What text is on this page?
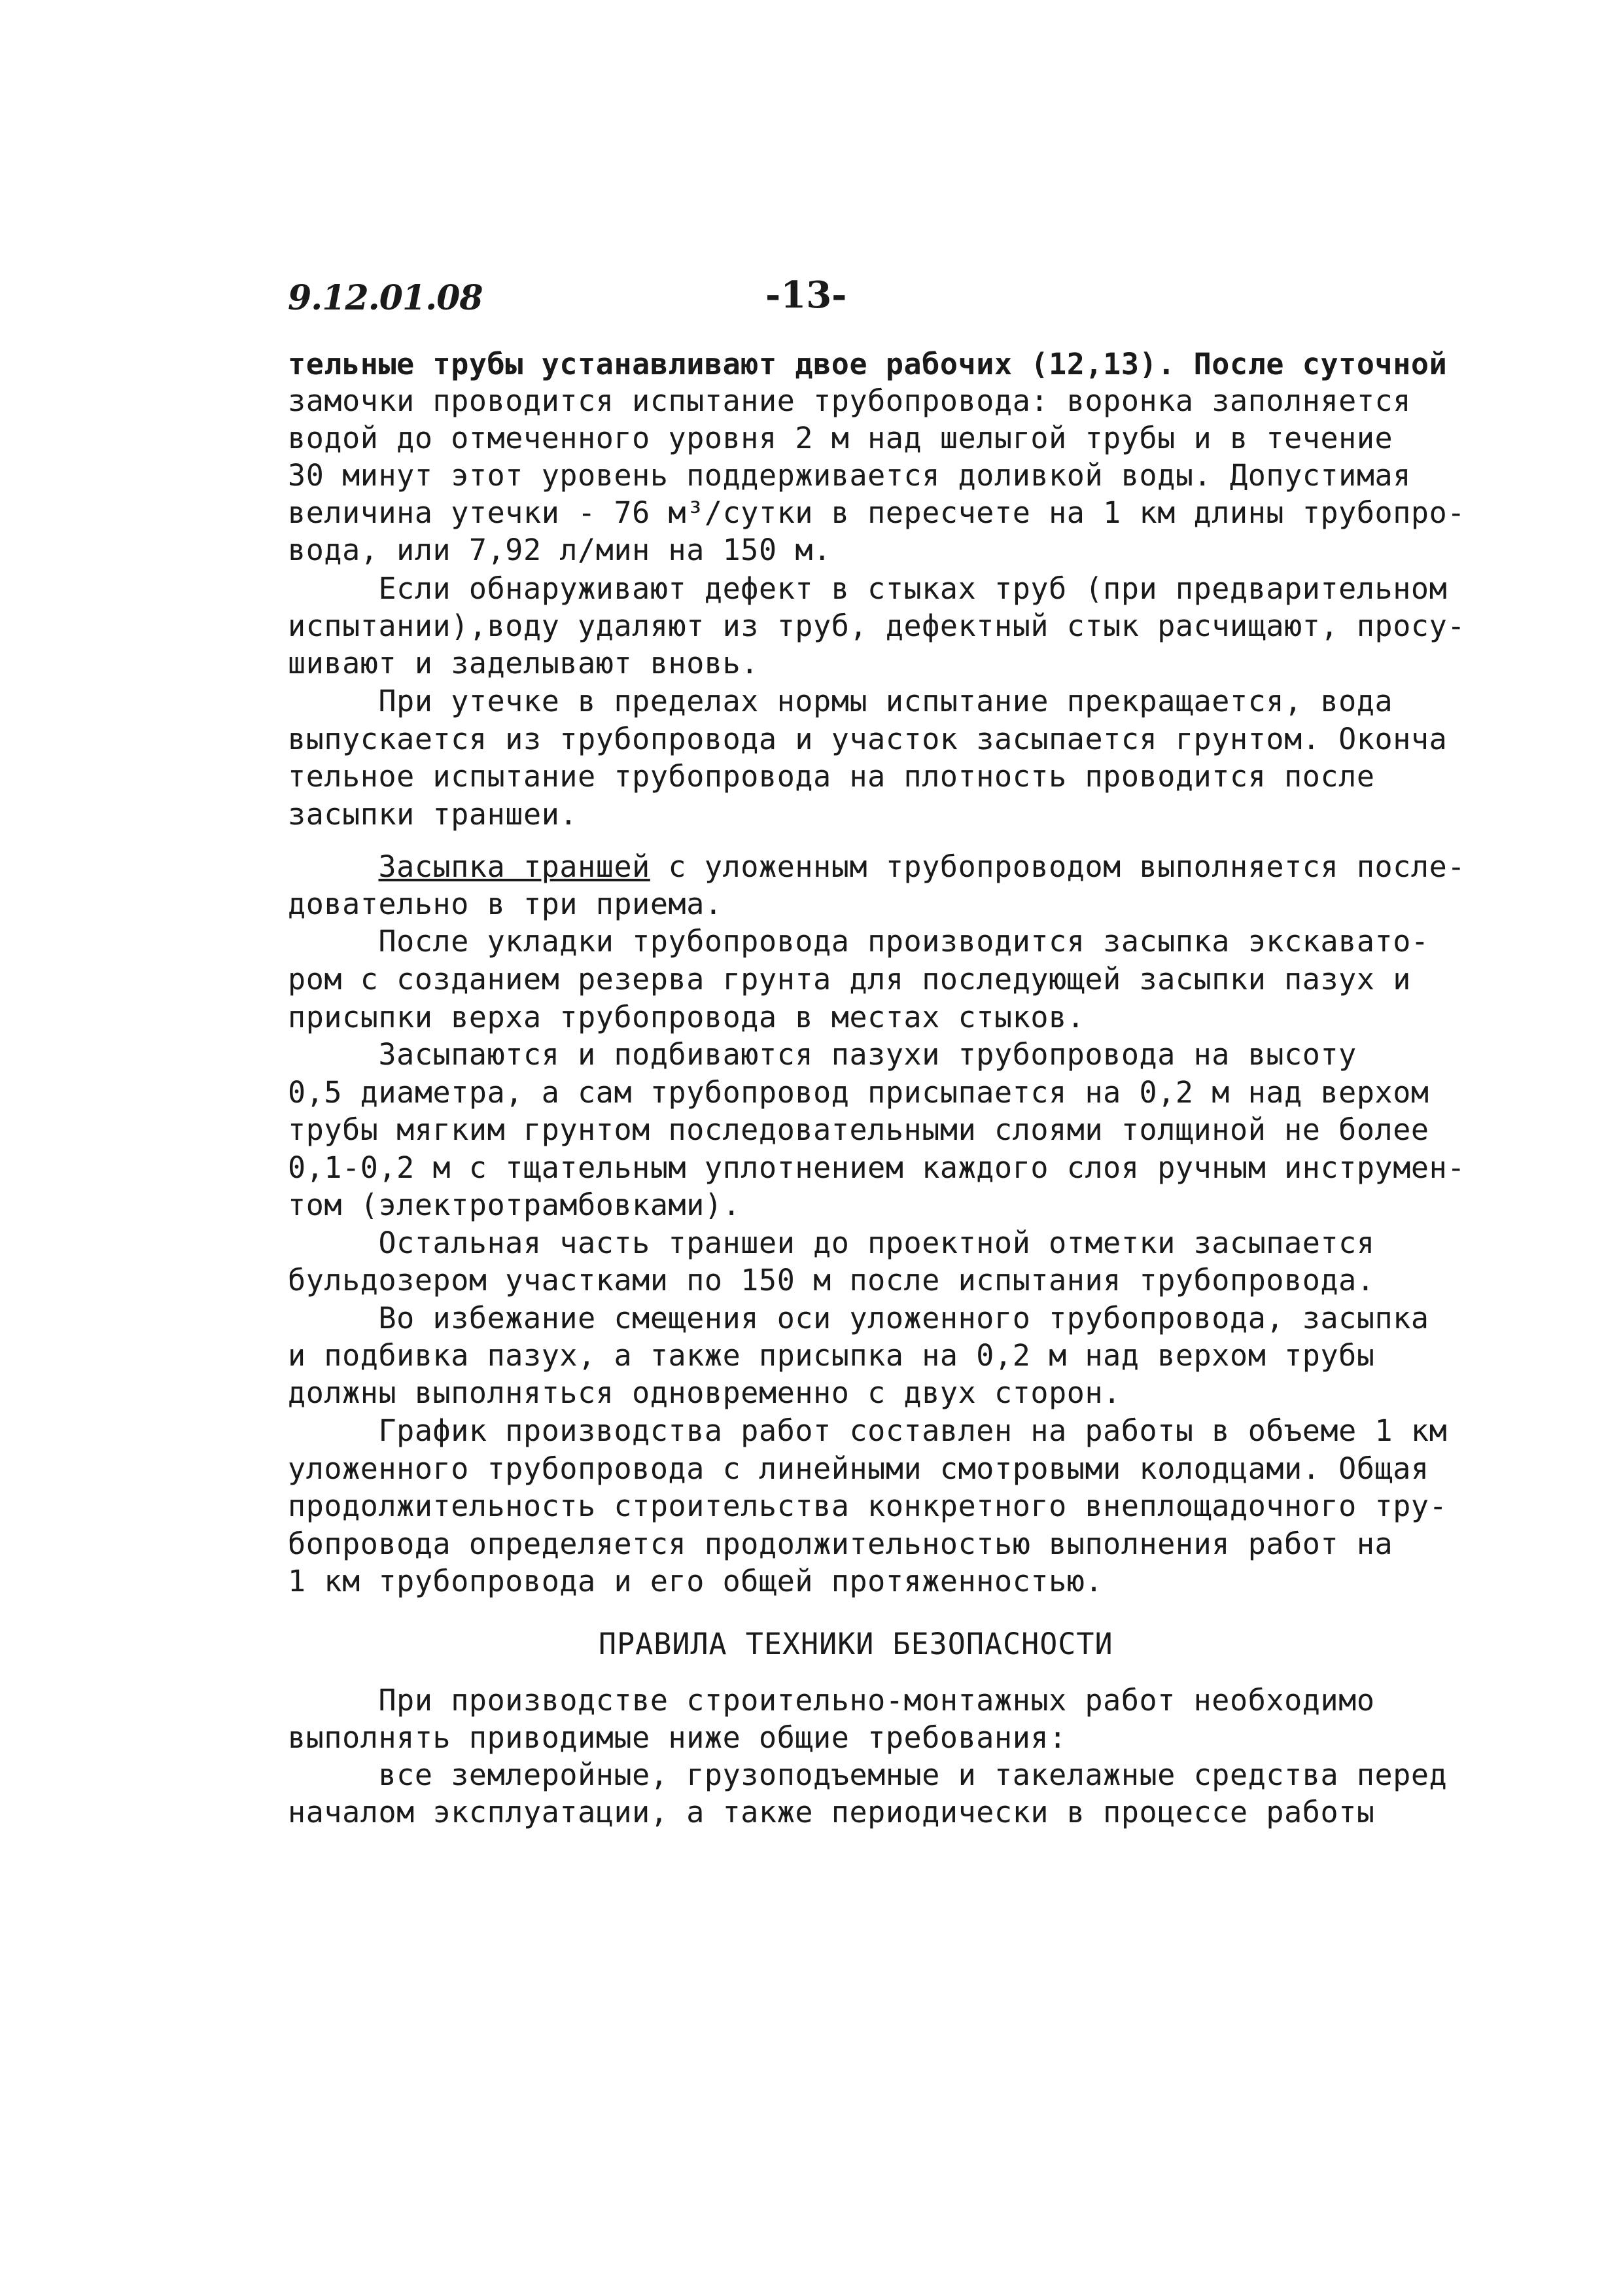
9.12.01.08	-13-
тельные трубы устанавливают двое рабочих (12,13). После суточной
замочки проводится испытание трубопровода: воронка заполняется
водой до отмеченного уровня 2 м над шелыгой трубы и в течение
30 минут этот уровень поддерживается доливкой воды. Допустимая
величина утечки - 76 м³/сутки в пересчете на 1 км длины трубопро-
вода, или 7,92 л/мин на 150 м.
Если обнаруживают дефект в стыках труб (при предварительном
испытании),воду удаляют из труб, дефектный стык расчищают, просу-
шивают и заделывают вновь.
При утечке в пределах нормы испытание прекращается, вода
выпускается из трубопровода и участок засыпается грунтом. Оконча
тельное испытание трубопровода на плотность проводится после
засыпки траншеи.
Засыпка траншей с уложенным трубопроводом выполняется после-
довательно в три приема.
После укладки трубопровода производится засыпка экскавато-
ром с созданием резерва грунта для последующей засыпки пазух и
присыпки верха трубопровода в местах стыков.
Засыпаются и подбиваются пазухи трубопровода на высоту
0,5 диаметра, а сам трубопровод присыпается на 0,2 м над верхом
трубы мягким грунтом последовательными слоями толщиной не более
0,1-0,2 м с тщательным уплотнением каждого слоя ручным инструмен-
том (электротрамбовками).
Остальная часть траншеи до проектной отметки засыпается
бульдозером участками по 150 м после испытания трубопровода.
Во избежание смещения оси уложенного трубопровода, засыпка
и подбивка пазух, а также присыпка на 0,2 м над верхом трубы
должны выполняться одновременно с двух сторон.
График производства работ составлен на работы в объеме 1 км
уложенного трубопровода с линейными смотровыми колодцами. Общая
продолжительность строительства конкретного внеплощадочного тру-
бопровода определяется продолжительностью выполнения работ на
1 км трубопровода и его общей протяженностью.
ПРАВИЛА ТЕХНИКИ БЕЗОПАСНОСТИ
При производстве строительно-монтажных работ необходимо
выполнять приводимые ниже общие требования:
все землеройные, грузоподъемные и такелажные средства перед
началом эксплуатации, а также периодически в процессе работы
